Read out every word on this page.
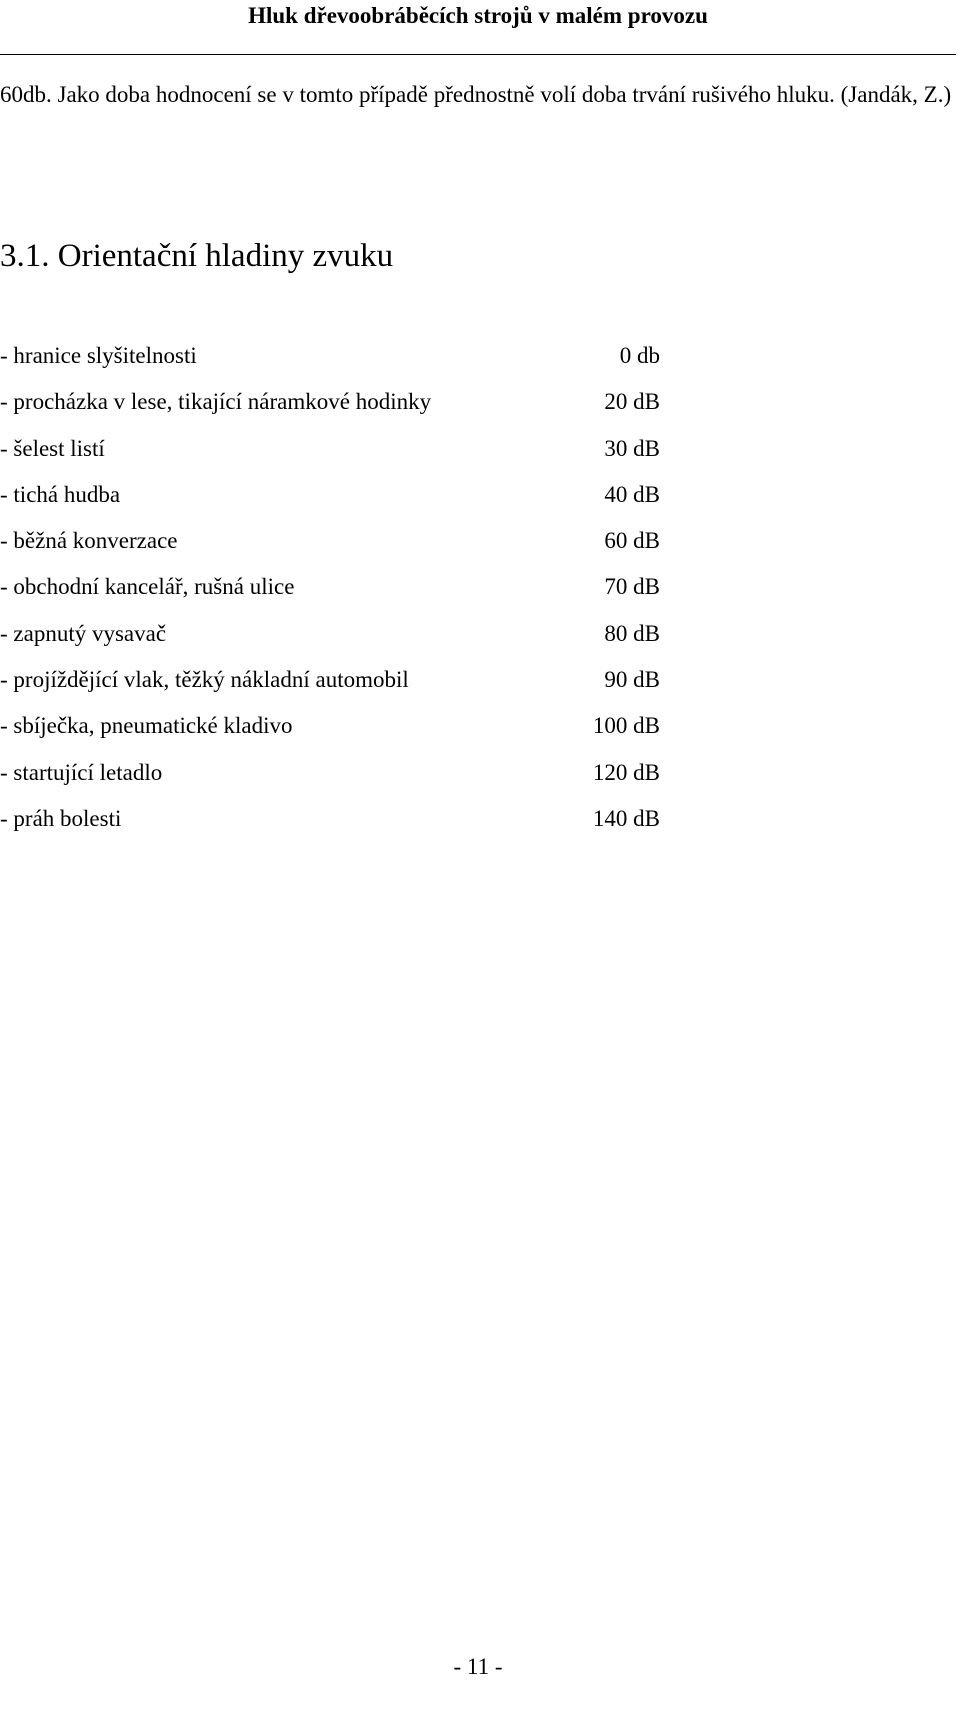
Hluk dřevoobráběcích strojů v malém provozu

60db. Jako doba hodnocení se v tomto případě přednostně volí doba trvání rušivého hluku. (Jandák, Z.)

3.1. Orientační hladiny zvuku
- hranice slyšitelnosti	0 db
- procházka v lese, tikající náramkové hodinky	20 dB
- šelest listí	30 dB
- tichá hudba	40 dB
- běžná konverzace	60 dB
- obchodní kancelář, rušná ulice	70 dB
- zapnutý vysavač	80 dB
- projíždějící vlak, těžký nákladní automobil	90 dB
- sbíječka, pneumatické kladivo	100 dB
- startující letadlo	120 dB
- práh bolesti	140 dB
- 11 -
